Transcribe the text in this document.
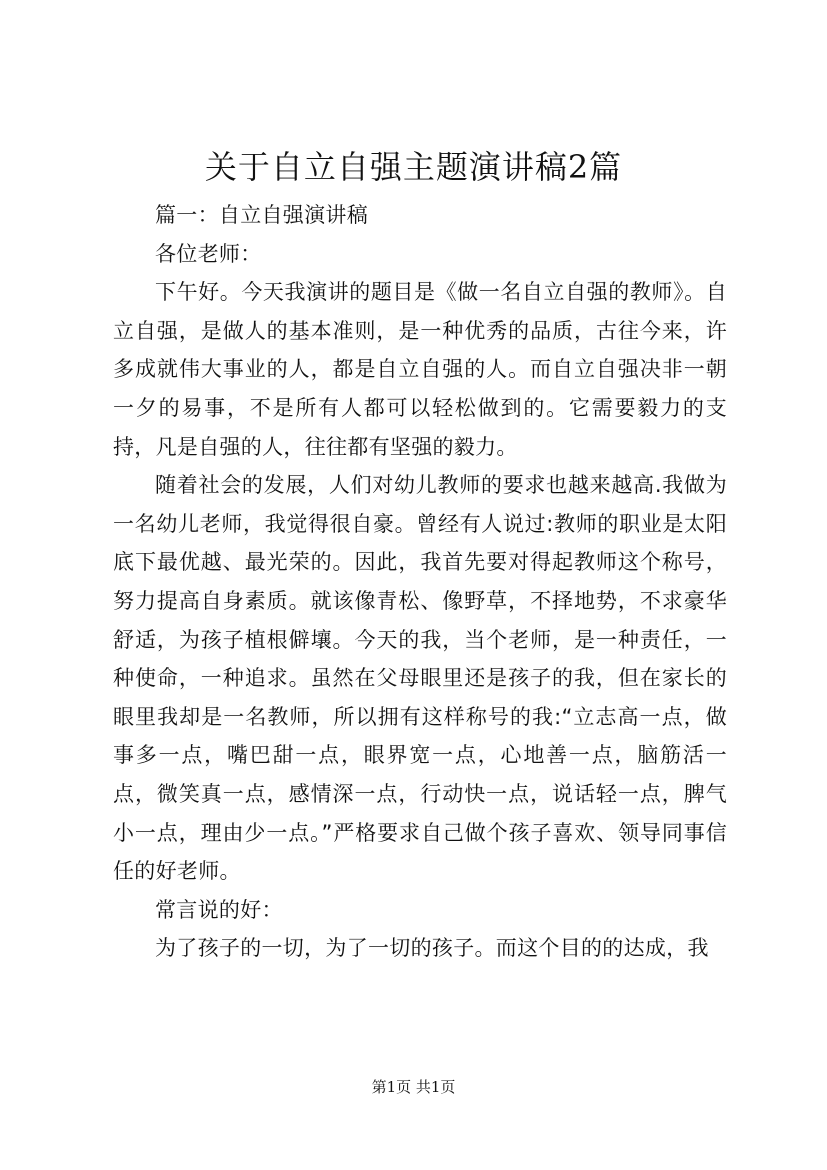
关于自立自强主题演讲稿2篇

篇一：自立自强演讲稿

各位老师：

下午好。今天我演讲的题目是《做一名自立自强的教师》。自立自强，是做人的基本准则，是一种优秀的品质，古往今来，许多成就伟大事业的人，都是自立自强的人。而自立自强决非一朝一夕的易事，不是所有人都可以轻松做到的。它需要毅力的支持，凡是自强的人，往往都有坚强的毅力。

随着社会的发展，人们对幼儿教师的要求也越来越高.我做为一名幼儿老师，我觉得很自豪。曾经有人说过:教师的职业是太阳底下最优越、最光荣的。因此，我首先要对得起教师这个称号，努力提高自身素质。就该像青松、像野草，不择地势，不求豪华舒适，为孩子植根僻壤。今天的我，当个老师，是一种责任，一种使命，一种追求。虽然在父母眼里还是孩子的我，但在家长的眼里我却是一名教师，所以拥有这样称号的我:“立志高一点，做事多一点，嘴巴甜一点，眼界宽一点，心地善一点，脑筋活一点，微笑真一点，感情深一点，行动快一点，说话轻一点，脾气小一点，理由少一点。”严格要求自己做个孩子喜欢、领导同事信任的好老师。

常言说的好：

为了孩子的一切，为了一切的孩子。而这个目的的达成，我

第1页 共1页
